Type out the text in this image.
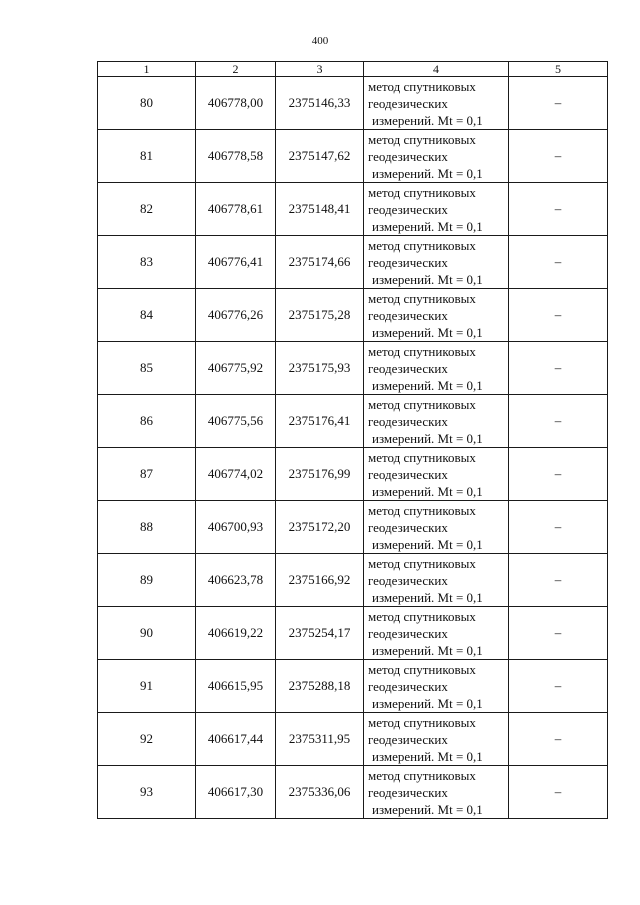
400
1	2	3	4	5
80	406778,00	2375146,33	метод спутниковых
геодезических
измерений. Mt = 0,1	–
81	406778,58	2375147,62	метод спутниковых
геодезических
измерений. Mt = 0,1	–
82	406778,61	2375148,41	метод спутниковых
геодезических
измерений. Mt = 0,1	–
83	406776,41	2375174,66	метод спутниковых
геодезических
измерений. Mt = 0,1	–
84	406776,26	2375175,28	метод спутниковых
геодезических
измерений. Mt = 0,1	–
85	406775,92	2375175,93	метод спутниковых
геодезических
измерений. Mt = 0,1	–
86	406775,56	2375176,41	метод спутниковых
геодезических
измерений. Mt = 0,1	–
87	406774,02	2375176,99	метод спутниковых
геодезических
измерений. Mt = 0,1	–
88	406700,93	2375172,20	метод спутниковых
геодезических
измерений. Mt = 0,1	–
89	406623,78	2375166,92	метод спутниковых
геодезических
измерений. Mt = 0,1	–
90	406619,22	2375254,17	метод спутниковых
геодезических
измерений. Mt = 0,1	–
91	406615,95	2375288,18	метод спутниковых
геодезических
измерений. Mt = 0,1	–
92	406617,44	2375311,95	метод спутниковых
геодезических
измерений. Mt = 0,1	–
93	406617,30	2375336,06	метод спутниковых
геодезических
измерений. Mt = 0,1	–
